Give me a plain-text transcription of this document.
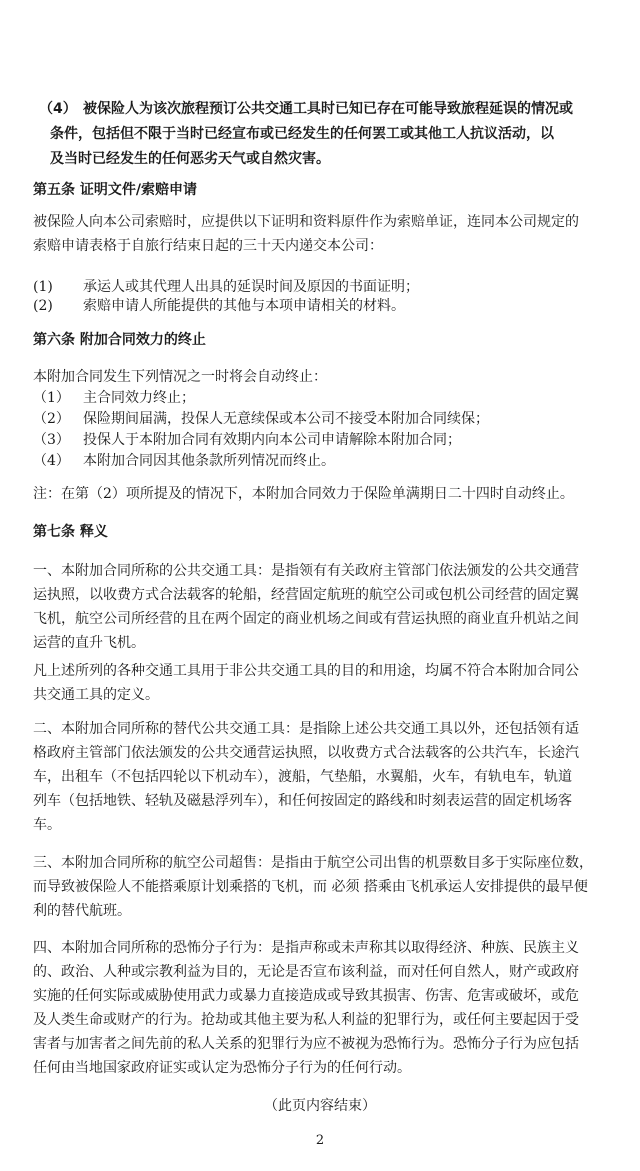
（4） 被保险人为该次旅程预订公共交通工具时已知已存在可能导致旅程延误的情况或
条件，包括但不限于当时已经宣布或已经发生的任何罢工或其他工人抗议活动，以
及当时已经发生的任何恶劣天气或自然灾害。
第五条 证明文件/索赔申请
被保险人向本公司索赔时，应提供以下证明和资料原件作为索赔单证，连同本公司规定的
索赔申请表格于自旅行结束日起的三十天内递交本公司：
(1) 承运人或其代理人出具的延误时间及原因的书面证明；
(2) 索赔申请人所能提供的其他与本项申请相关的材料。
第六条 附加合同效力的终止
本附加合同发生下列情况之一时将会自动终止：
（1） 主合同效力终止；
（2） 保险期间届满，投保人无意续保或本公司不接受本附加合同续保；
（3） 投保人于本附加合同有效期内向本公司申请解除本附加合同；
（4） 本附加合同因其他条款所列情况而终止。
注：在第（2）项所提及的情况下，本附加合同效力于保险单满期日二十四时自动终止。
第七条 释义
一、本附加合同所称的公共交通工具：是指领有有关政府主管部门依法颁发的公共交通营
运执照，以收费方式合法载客的轮船，经营固定航班的航空公司或包机公司经营的固定翼
飞机，航空公司所经营的且在两个固定的商业机场之间或有营运执照的商业直升机站之间
运营的直升飞机。
凡上述所列的各种交通工具用于非公共交通工具的目的和用途，均属不符合本附加合同公
共交通工具的定义。
二、本附加合同所称的替代公共交通工具：是指除上述公共交通工具以外，还包括领有适
格政府主管部门依法颁发的公共交通营运执照，以收费方式合法载客的公共汽车，长途汽
车，出租车（不包括四轮以下机动车），渡船，气垫船，水翼船，火车，有轨电车，轨道
列车（包括地铁、轻轨及磁悬浮列车），和任何按固定的路线和时刻表运营的固定机场客
车。
三、本附加合同所称的航空公司超售：是指由于航空公司出售的机票数目多于实际座位数，
而导致被保险人不能搭乘原计划乘搭的飞机，而 必须 搭乘由飞机承运人安排提供的最早便
利的替代航班。
四、本附加合同所称的恐怖分子行为：是指声称或未声称其以取得经济、种族、民族主义
的、政治、人种或宗教利益为目的，无论是否宣布该利益，而对任何自然人，财产或政府
实施的任何实际或威胁使用武力或暴力直接造成或导致其损害、伤害、危害或破坏，或危
及人类生命或财产的行为。抢劫或其他主要为私人利益的犯罪行为，或任何主要起因于受
害者与加害者之间先前的私人关系的犯罪行为应不被视为恐怖行为。恐怖分子行为应包括
任何由当地国家政府证实或认定为恐怖分子行为的任何行动。
（此页内容结束）
2
